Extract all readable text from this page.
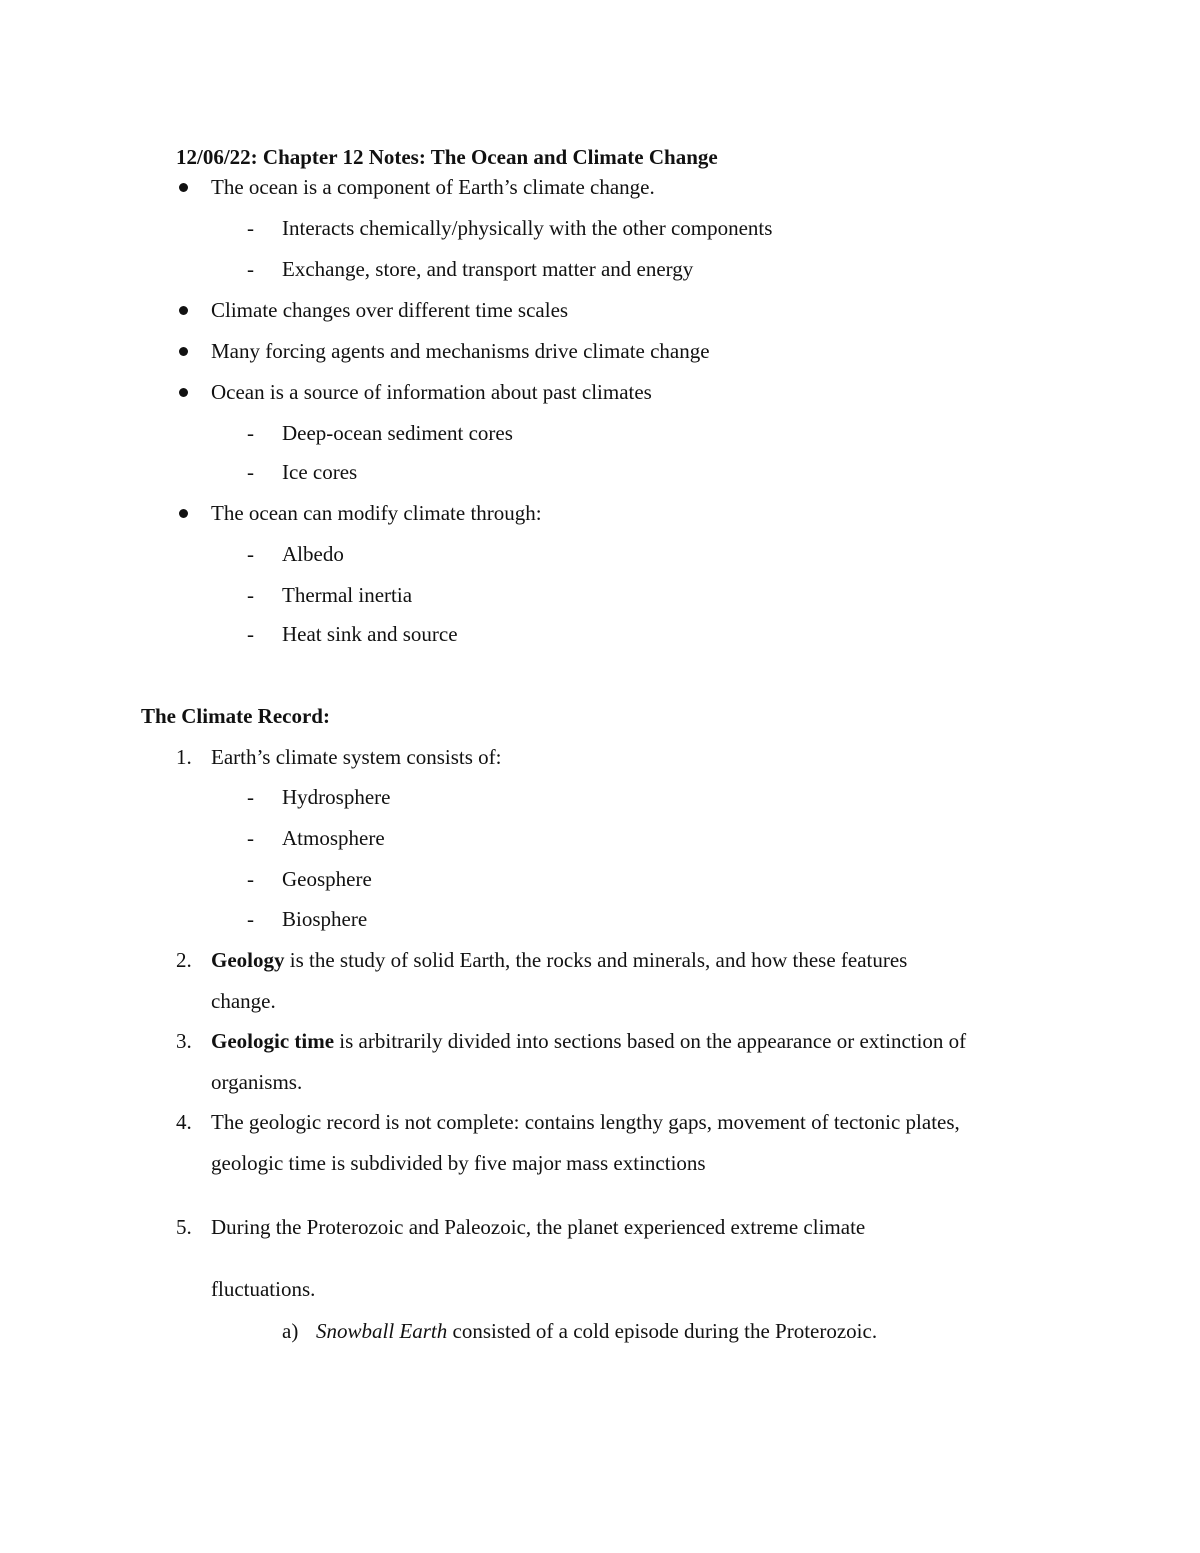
12/06/22: Chapter 12 Notes: The Ocean and Climate Change
The ocean is a component of Earth’s climate change.
- Interacts chemically/physically with the other components
- Exchange, store, and transport matter and energy
Climate changes over different time scales
Many forcing agents and mechanisms drive climate change
Ocean is a source of information about past climates
- Deep-ocean sediment cores
- Ice cores
The ocean can modify climate through:
- Albedo
- Thermal inertia
- Heat sink and source
The Climate Record:
1. Earth’s climate system consists of:
- Hydrosphere
- Atmosphere
- Geosphere
- Biosphere
2. Geology is the study of solid Earth, the rocks and minerals, and how these features
change.
3. Geologic time is arbitrarily divided into sections based on the appearance or extinction of
organisms.
4. The geologic record is not complete: contains lengthy gaps, movement of tectonic plates,
geologic time is subdivided by five major mass extinctions
5. During the Proterozoic and Paleozoic, the planet experienced extreme climate
fluctuations.
a) Snowball Earth consisted of a cold episode during the Proterozoic.
